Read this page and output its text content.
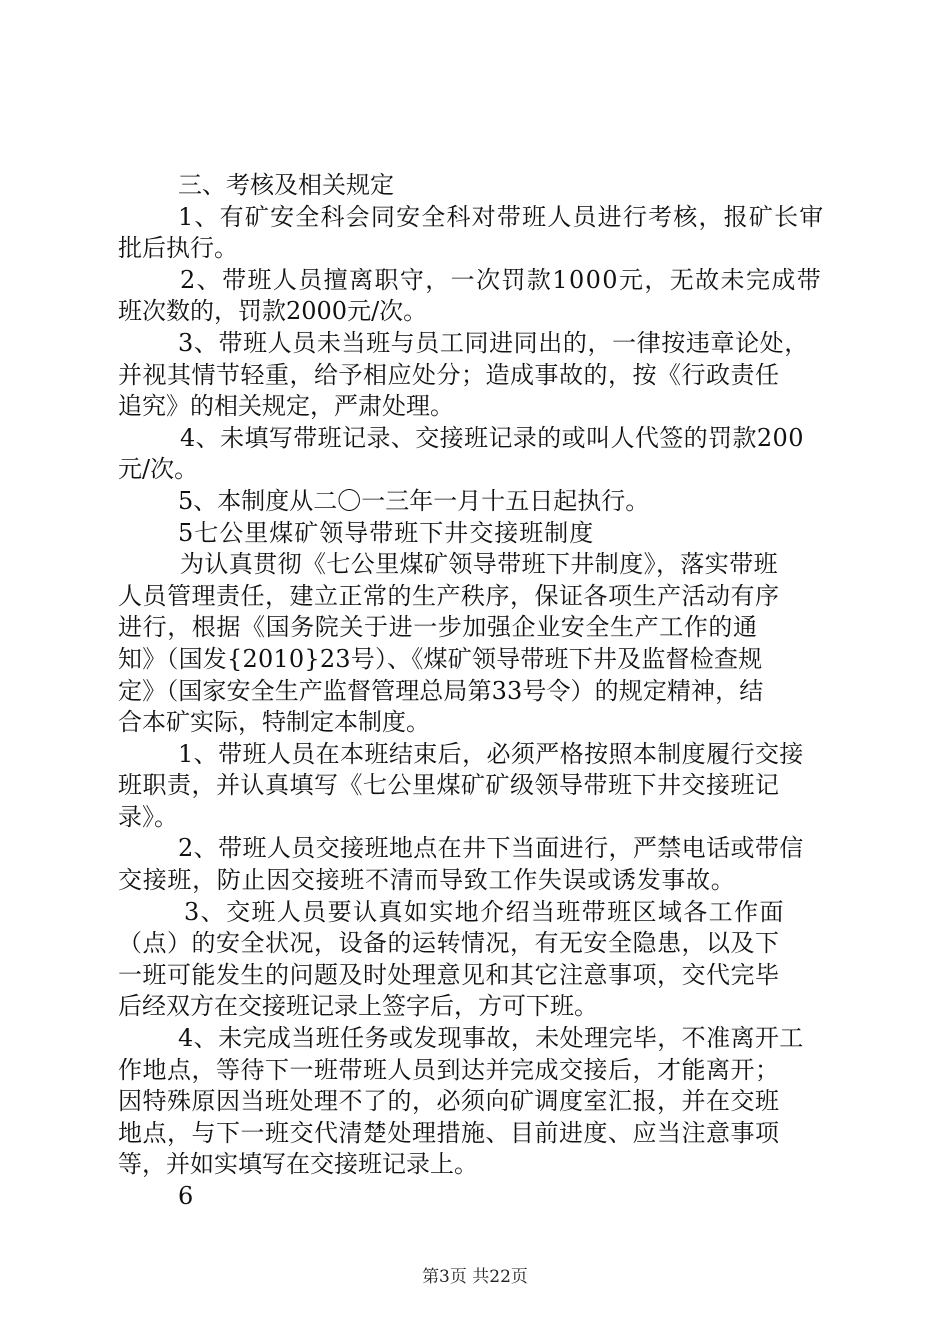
三、考核及相关规定
1、有矿安全科会同安全科对带班人员进行考核，报矿长审
批后执行。
2、带班人员擅离职守，一次罚款1000元，无故未完成带
班次数的，罚款2000元/次。
3、带班人员未当班与员工同进同出的，一律按违章论处，
并视其情节轻重，给予相应处分；造成事故的，按《行政责任
追究》的相关规定，严肃处理。
4、未填写带班记录、交接班记录的或叫人代签的罚款200
元/次。
5、本制度从二〇一三年一月十五日起执行。
5七公里煤矿领导带班下井交接班制度
为认真贯彻《七公里煤矿领导带班下井制度》，落实带班
人员管理责任，建立正常的生产秩序，保证各项生产活动有序
进行，根据《国务院关于进一步加强企业安全生产工作的通
知》（国发{2010}23号）、《煤矿领导带班下井及监督检查规
定》（国家安全生产监督管理总局第33号令）的规定精神，结
合本矿实际，特制定本制度。
1、带班人员在本班结束后，必须严格按照本制度履行交接
班职责，并认真填写《七公里煤矿矿级领导带班下井交接班记
录》。
2、带班人员交接班地点在井下当面进行，严禁电话或带信
交接班，防止因交接班不清而导致工作失误或诱发事故。
3、交班人员要认真如实地介绍当班带班区域各工作面
（点）的安全状况，设备的运转情况，有无安全隐患，以及下
一班可能发生的问题及时处理意见和其它注意事项，交代完毕
后经双方在交接班记录上签字后，方可下班。
4、未完成当班任务或发现事故，未处理完毕，不准离开工
作地点，等待下一班带班人员到达并完成交接后，才能离开；
因特殊原因当班处理不了的，必须向矿调度室汇报，并在交班
地点，与下一班交代清楚处理措施、目前进度、应当注意事项
等，并如实填写在交接班记录上。
6
第3页 共22页
